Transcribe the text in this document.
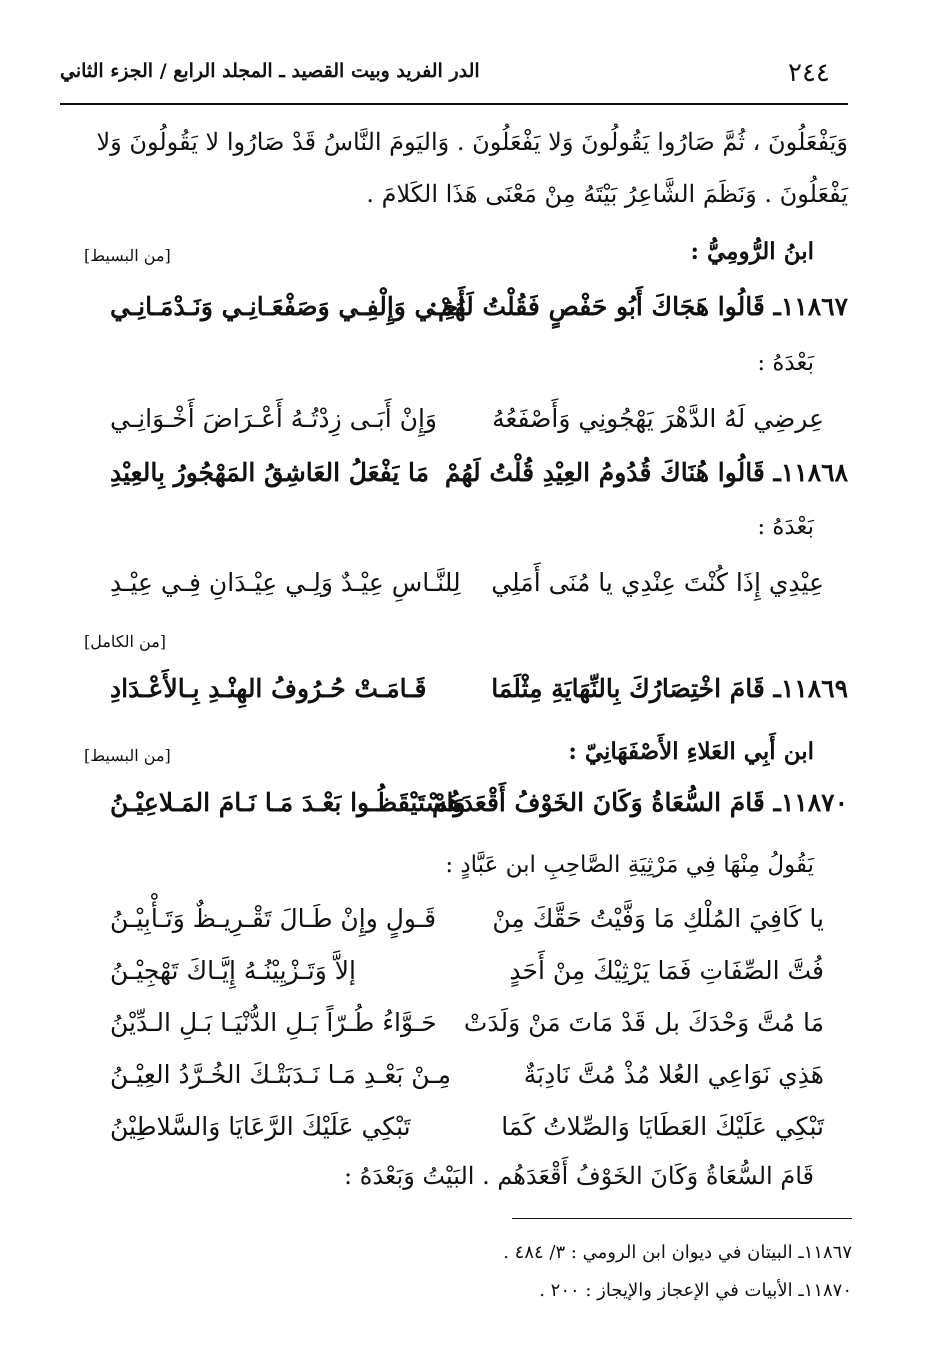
٢٤٤
الدر الفريد وبيت القصيد ـ المجلد الرابع / الجزء الثاني
وَيَفْعَلُونَ ، ثُمَّ صَارُوا يَقُولُونَ وَلا يَفْعَلُونَ . وَاليَومَ النَّاسُ قَدْ صَارُوا لا يَقُولُونَ وَلا
يَفْعَلُونَ . وَنَظَمَ الشَّاعِرُ بَيْتَهُ مِنْ مَعْنَى هَذَا الكَلامَ .
ابنُ الرُّومِيُّ :
[من البسيط]
١١٨٦٧ـ قَالُوا هَجَاكَ أَبُو حَفْصٍ فَقُلْتُ لَهُمْ:
أَخِـي وَإِلْفِـي وَصَفْعَـانِـي وَنَـدْمَـانِـي
بَعْدَهُ :
عِرضِي لَهُ الدَّهْرَ يَهْجُونِي وَأَصْفَعُهُ
وَإِنْ أَبَـى زِدْتُـهُ أَعْـرَاضَ أَخْـوَانِـي
١١٨٦٨ـ قَالُوا هُنَاكَ قُدُومُ العِيْدِ قُلْتُ لَهُمْ
مَا يَفْعَلُ العَاشِقُ المَهْجُورُ بِالعِيْدِ
بَعْدَهُ :
عِيْدِي إِذَا كُنْتَ عِنْدِي يا مُنَى أَمَلِي
لِلنَّـاسِ عِيْـدٌ وَلِـي عِيْـدَانِ فِـي عِيْـدِ
[من الكامل]
١١٨٦٩ـ قَامَ اخْتِصَارُكَ بِالنِّهَايَةِ مِثْلَمَا
قَـامَـتْ حُـرُوفُ الهِنْـدِ بِـالأَعْـدَادِ
ابن أَبِي العَلاءِ الأَصْفَهَانِيّ :
[من البسيط]
١١٨٧٠ـ قَامَ السُّعَاةُ وَكَانَ الخَوْفُ أَقْعَدَهُمْ
وَاسْتَيْقَظُـوا بَعْـدَ مَـا نَـامَ المَـلاعِيْـنُ
يَقُولُ مِنْهَا فِي مَرْثِيَةِ الصَّاحِبِ ابن عَبَّادٍ :
يا كَافِيَ المُلْكِ مَا وَفَّيْتُ حَقَّكَ مِنْ
قَـولٍ وإِنْ طَـالَ تَقْـرِيـظٌ وَتَـأْبِيْـنُ
فُتَّ الصِّفَاتِ فَمَا يَرْثِيْكَ مِنْ أَحَدٍ
إلاَّ وَتَـزْيِيْنُـهُ إِيَّـاكَ تَهْجِيْـنُ
مَا مُتَّ وَحْدَكَ بل قَدْ مَاتَ مَنْ وَلَدَتْ
حَـوَّاءُ طُـرّاً بَـلِ الدُّنْيَـا بَـلِ الـدِّيْنُ
هَذِي نَوَاعِي العُلا مُذْ مُتَّ نَادِبَةٌ
مِـنْ بَعْـدِ مَـا نَـدَبَتْـكَ الخُـرَّدُ العِيْـنُ
تَبْكِي عَلَيْكَ العَطَايَا وَالصِّلاتُ كَمَا
تَبْكِي عَلَيْكَ الرَّعَايَا وَالسَّلاطِيْنُ
قَامَ السُّعَاةُ وَكَانَ الخَوْفُ أَقْعَدَهُم . البَيْتُ وَبَعْدَهُ :
١١٨٦٧ـ البيتان في ديوان ابن الرومي : ٣/ ٤٨٤ .
١١٨٧٠ـ الأبيات في الإعجاز والإيجاز : ٢٠٠ .
